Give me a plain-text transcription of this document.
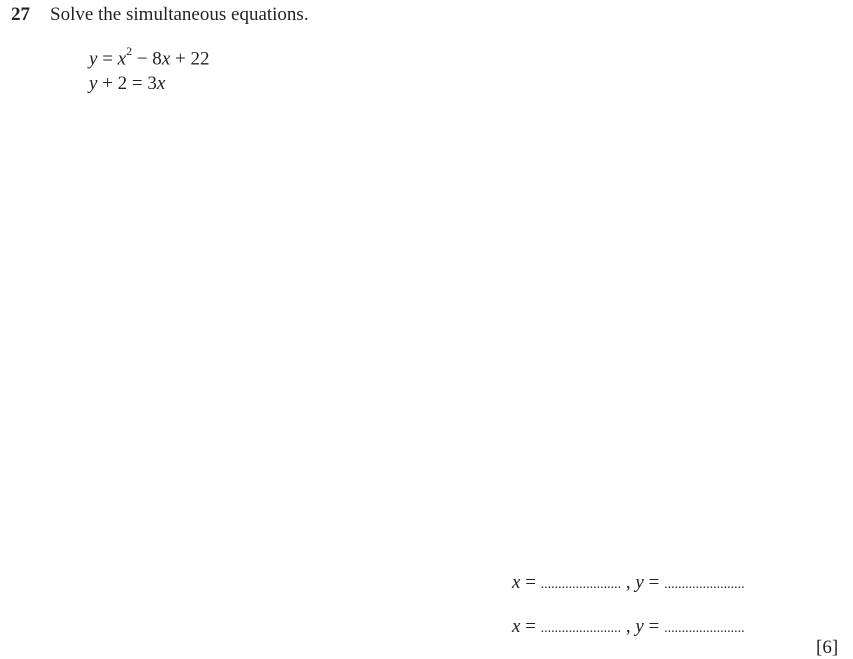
27 Solve the simultaneous equations.
$y = x^2 - 8x + 22$
y + 2 = 3x
x = ....................... , y = .......................
x = ....................... , y = .......................
[6]
